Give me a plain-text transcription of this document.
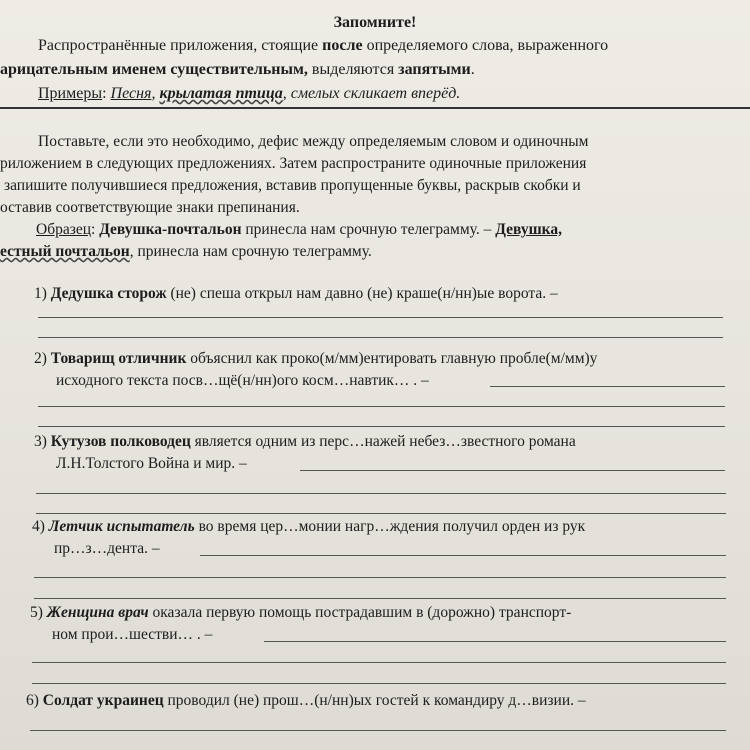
Запомните!
Распространённые приложения, стоящие после определяемого слова, выраженного
арицательным именем существительным, выделяются запятыми.
Примеры: Песня, крылатая птица, смелых скликает вперёд.
Поставьте, если это необходимо, дефис между определяемым словом и одиночным
риложением в следующих предложениях. Затем распространите одиночные приложения
запишите получившиеся предложения, вставив пропущенные буквы, раскрыв скобки и
оставив соответствующие знаки препинания.
Образец: Девушка-почтальон принесла нам срочную телеграмму. – Девушка,
естный почтальон, принесла нам срочную телеграмму.
1) Дедушка сторож (не) спеша открыл нам давно (не) краше(н/нн)ые ворота. –
2) Товарищ отличник объяснил как проко(м/мм)ентировать главную пробле(м/мм)у
исходного текста посв…щё(н/нн)ого косм…навтик… . –
3) Кутузов полководец является одним из перс…нажей небез…звестного романа
Л.Н.Толстого Война и мир. –
4) Летчик испытатель во время цер…монии нагр…ждения получил орден из рук
пр…з…дента. –
5) Женщина врач оказала первую помощь пострадавшим в (дорожно) транспорт-
ном прои…шестви… . –
6) Солдат украинец проводил (не) прош…(н/нн)ых гостей к командиру д…визии. –
